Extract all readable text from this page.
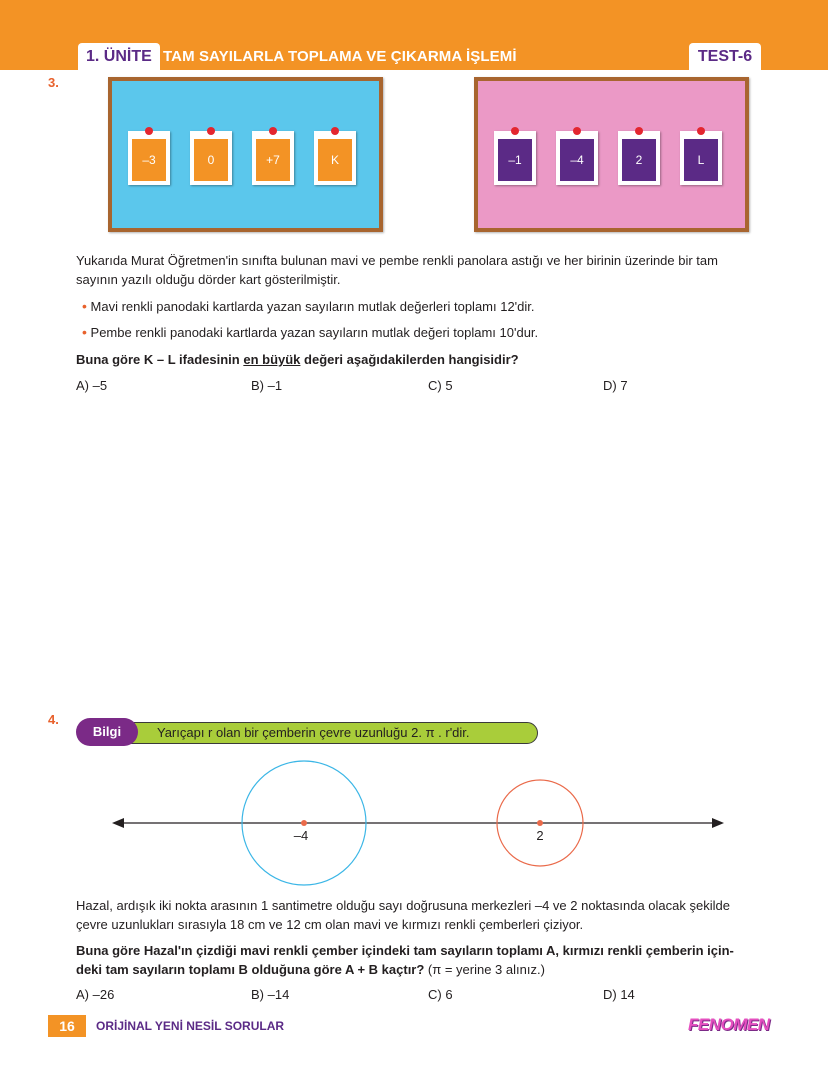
1. ÜNİTE TAM SAYILARLA TOPLAMA VE ÇIKARMA İŞLEMİ	TEST-6
3.
–3	0	+7	K	–1	–4	2	L
Yukarıda Murat Öğretmen'in sınıfta bulunan mavi ve pembe renkli panolara astığı ve her birinin üzerinde bir tam
sayının yazılı olduğu dörder kart gösterilmiştir.
• Mavi renkli panodaki kartlarda yazan sayıların mutlak değerleri toplamı 12'dir.
• Pembe renkli panodaki kartlarda yazan sayıların mutlak değeri toplamı 10'dur.
Buna göre K – L ifadesinin en büyük değeri aşağıdakilerden hangisidir?
A) –5	B) –1	C) 5	D) 7
4.
Bilgi	Yarıçapı r olan bir çemberin çevre uzunluğu 2. π . r'dir.
–4	2
Hazal, ardışık iki nokta arasının 1 santimetre olduğu sayı doğrusuna merkezleri –4 ve 2 noktasında olacak şekilde
çevre uzunlukları sırasıyla 18 cm ve 12 cm olan mavi ve kırmızı renkli çemberleri çiziyor.
Buna göre Hazal'ın çizdiği mavi renkli çember içindeki tam sayıların toplamı A, kırmızı renkli çemberin için-
deki tam sayıların toplamı B olduğuna göre A + B kaçtır? (π = yerine 3 alınız.)
A) –26	B) –14	C) 6	D) 14
16	ORİJİNAL YENİ NESİL SORULAR	FENOMEN
